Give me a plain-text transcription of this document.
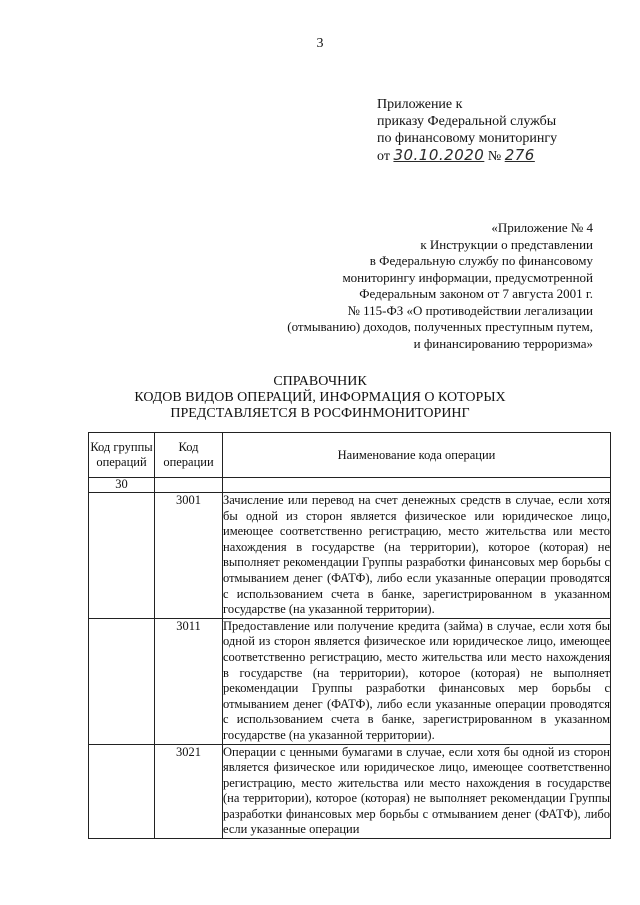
3
Приложение к
приказу Федеральной службы
по финансовому мониторингу
от 30.10.2020 № 276
«Приложение № 4
к Инструкции о представлении
в Федеральную службу по финансовому
мониторингу информации, предусмотренной
Федеральным законом от 7 августа 2001 г.
№ 115-ФЗ «О противодействии легализации
(отмыванию) доходов, полученных преступным путем,
и финансированию терроризма»
СПРАВОЧНИК
КОДОВ ВИДОВ ОПЕРАЦИЙ, ИНФОРМАЦИЯ О КОТОРЫХ
ПРЕДСТАВЛЯЕТСЯ В РОСФИНМОНИТОРИНГ
Код группы операций	Код операции	Наименование кода операции
30		
	3001	Зачисление или перевод на счет денежных средств в случае, если хотя бы одной из сторон является физическое или юридическое лицо, имеющее соответственно регистрацию, место жительства или место нахождения в государстве (на территории), которое (которая) не выполняет рекомендации Группы разработки финансовых мер борьбы с отмыванием денег (ФАТФ), либо если указанные операции проводятся с использованием счета в банке, зарегистрированном в указанном государстве (на указанной территории).
	3011	Предоставление или получение кредита (займа) в случае, если хотя бы одной из сторон является физическое или юридическое лицо, имеющее соответственно регистрацию, место жительства или место нахождения в государстве (на территории), которое (которая) не выполняет рекомендации Группы разработки финансовых мер борьбы с отмыванием денег (ФАТФ), либо если указанные операции проводятся с использованием счета в банке, зарегистрированном в указанном государстве (на указанной территории).
	3021	Операции с ценными бумагами в случае, если хотя бы одной из сторон является физическое или юридическое лицо, имеющее соответственно регистрацию, место жительства или место нахождения в государстве (на территории), которое (которая) не выполняет рекомендации Группы разработки финансовых мер борьбы с отмыванием денег (ФАТФ), либо если указанные операции
